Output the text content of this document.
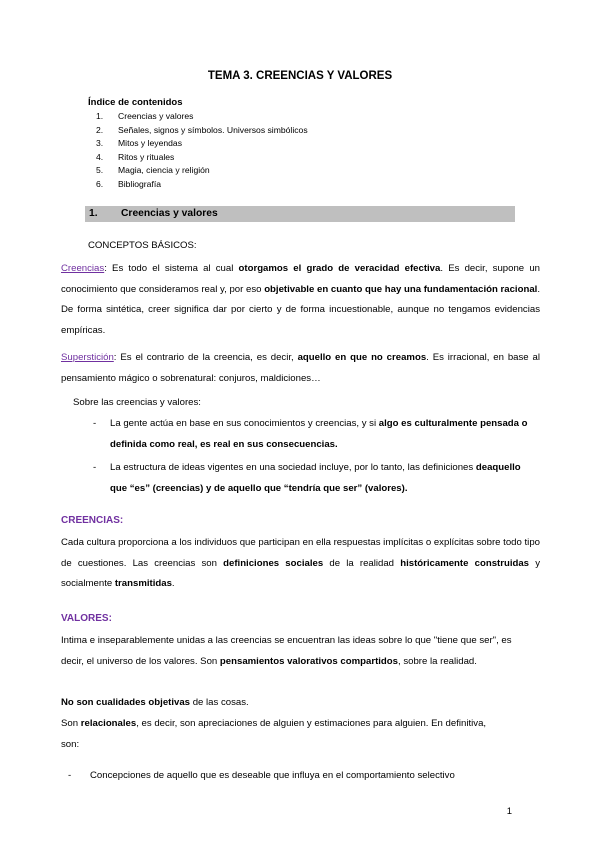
TEMA 3. CREENCIAS Y VALORES
Índice de contenidos
1.	Creencias y valores
2.	Señales, signos y símbolos. Universos simbólicos
3.	Mitos y leyendas
4.	Ritos y rituales
5.	Magia, ciencia y religión
6.	Bibliografía
1. Creencias y valores
CONCEPTOS BÁSICOS:
Creencias: Es todo el sistema al cual otorgamos el grado de veracidad efectiva. Es decir, supone un conocimiento que consideramos real y, por eso objetivable en cuanto que hay una fundamentación racional. De forma sintética, creer significa dar por cierto y de forma incuestionable, aunque no tengamos evidencias empíricas.
Superstición: Es el contrario de la creencia, es decir, aquello en que no creamos. Es irracional, en base al pensamiento mágico o sobrenatural: conjuros, maldiciones…
Sobre las creencias y valores:
- La gente actúa en base en sus conocimientos y creencias, y si algo es culturalmente pensada o definida como real, es real en sus consecuencias.
- La estructura de ideas vigentes en una sociedad incluye, por lo tanto, las definiciones deaquello que “es” (creencias) y de aquello que “tendría que ser” (valores).
CREENCIAS:
Cada cultura proporciona a los individuos que participan en ella respuestas implícitas o explícitas sobre todo tipo de cuestiones. Las creencias son definiciones sociales de la realidad históricamente construidas y socialmente transmitidas.
VALORES:
Intima e inseparablemente unidas a las creencias se encuentran las ideas sobre lo que "tiene que ser", es decir, el universo de los valores. Son pensamientos valorativos compartidos, sobre la realidad.
No son cualidades objetivas de las cosas.
Son relacionales, es decir, son apreciaciones de alguien y estimaciones para alguien. En definitiva, son:
- Concepciones de aquello que es deseable que influya en el comportamiento selectivo
1
